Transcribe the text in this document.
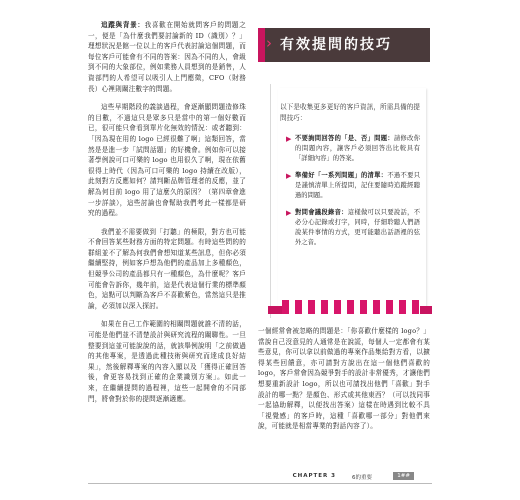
追蹤與背景：我喜歡在開始就問客戶的問題之一，便是「為什麼我們要討論新的 ID（識別）？」理想狀況是館一位以上的客戶代表討論這個問題，而每位客戶可能會有不同的答案：因為不同的人，會級到不同的大象部位，例如業務人員想到的是銷售，人資部門的人希望可以吸引人上門應徵，CFO（財務長）心裡則關注數字的問題。

這些早期階段的義談過程，會逐漸顯問題造修珠的目數，不過這只是眾多只是當中的第一個好數而已，很可能只會看到單片化無效的情況：或者聽到：「因為現在用的 logo 已經很難了啊」這類回答，當然是是進一步「試問話題」的好機會。例如你可以接著學例說可口可樂的 logo 也用很久了啊，現在依舊很得上時代（因為可口可樂的 logo 持續在改版），此刻對方反應如何？請判斷品牌管理者的反應，並了解為何目前 logo 用了這麼久的原因？（第四章會進一步詳談），這些討論也會幫助我們考此一樣都是研究的過程。

我們並不需要做到「打聽」的極限，對方也可能不會回答某些財務方面的特定問題。有時這些問的的群組並不了解為何我們會想知道某些訊息，但你必須繼續堅持，例如客戶想為他們的產品加上多種顏色，但競爭公司的產品都只有一種顏色，為什麼呢？客戶可能會告訴你，幾年前，這是代表這個行業的標準顏色，這點可以判斷為客戶不喜歡紫色，當然這只是推論，必須加以深入探討。

如果在自己工作範圍的相關問題就誰不清的話，可能是他們並不清楚設計與研究流程的關聯性。一旦整要到這並可能說說的話，就該舉例說明「之前做過的其他專案，是透過此種技術與研究而達成良好結果」，然後解釋專案的內容入顯以及「獲得正確回答後，會更容易找到正確的企業識別方案」。如此一來，在繼續提問的過程裡，這些一起開會的不同部門，將會對於你的提問逐漸適應。

› 有效提問的技巧
以下是收集更多更好的客戶資訊，所需具備的提問技巧：
▶ 不要詢問回答的「是、否」問題：請修改你的問題內容，讓客戶必須回答出比較具有「詳細內容」的答案。
▶ 準備好「一系列問題」的清單：不過不要只是謹慎清單上所提問，記住要隨時追蹤經聽過的問題。
▶ 對問會議段錄音：這樣做可以只要說話，不必分心記錄或打字，同時，仔細聆聽人們語說某件事情的方式，更可能聽出話語裡的弦外之音。

一個經常會被忽略的問題是：「你喜歡什麼樣的 logo？」當說自己沒意見的人通常是在說謊，每個人一定都會有某些意見，你可以拿以前做過的專案作品集給對方看，以擴得某些回饋意，亦可請對方說出在這一個他們喜歡的 logo，客戶常會因為競爭對手的設計非常優秀，才讓他們想要重新設計 logo，所以也可請找出他們「喜歡」對手設計的哪一點？是顏色、形式或其他東西？（可以找同事一起協助解釋，以便找出答案）這樣在時遇到比較不具「視覺感」的客戶時，這種「喜歡哪一部分」對他們來說，可能就是相當專業的對話內容了）。

CHAPTER 3	6的重要	1##
